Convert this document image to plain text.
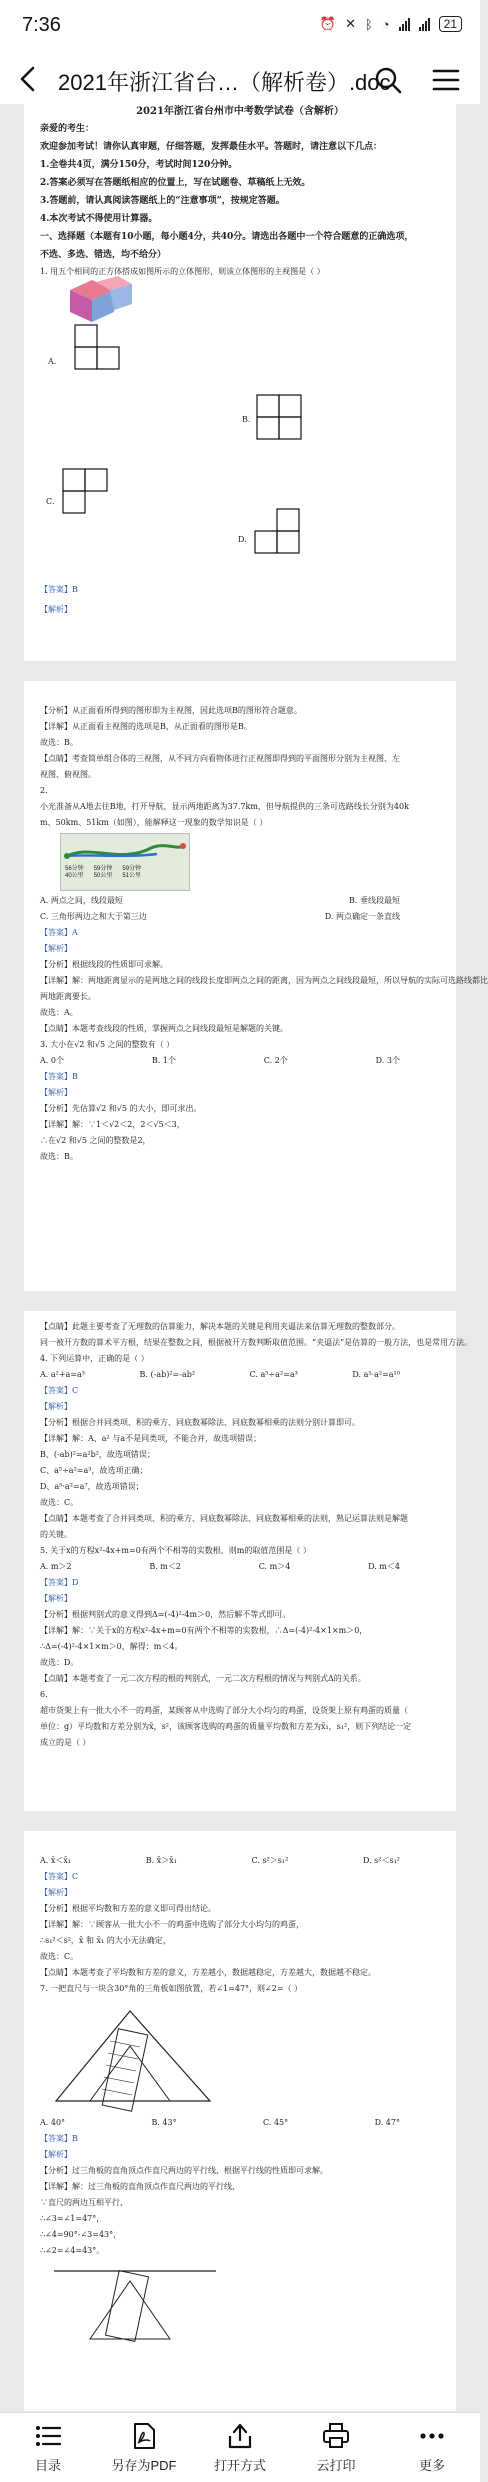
7:36	⏰ ✕ ᛒ ◔	21
2021年浙江省台…（解析卷）.doc
2021年浙江省台州市中考数学试卷（含解析）
亲爱的考生：
欢迎参加考试！请你认真审题，仔细答题，发挥最佳水平。答题时，请注意以下几点：
1.全卷共4页，满分150分，考试时间120分钟。
2.答案必须写在答题纸相应的位置上，写在试题卷、草稿纸上无效。
3.答题前，请认真阅读答题纸上的“注意事项”，按规定答题。
4.本次考试不得使用计算器。
一、选择题（本题有10小题，每小题4分，共40分。请选出各题中一个符合题意的正确选项，
不选、多选、错选，均不给分）
1. 用五个相同的正方体搭成如图所示的立体图形，则该立体图形的主视图是（ ）
A.
B.
C.
D.
【答案】B
【解析】
【分析】从正面看所得到的图形即为主视图，因此选项B的图形符合题意。
【详解】从正面看主视图的选项是B，从正面看的图形是B。
故选：B。
【点睛】考查简单组合体的三视图，从不同方向看物体进行正视图即得到的平面图形分别为主视图、左
视图、俯视图。
2.
小光准备从A地去往B地，打开导航，显示两地距离为37.7km，但导航提供的三条可选路线长分别为40k
m、50km、51km（如图），能解释这一现象的数学知识是（ ）
56分钟
40公里
59分钟
50公里
59分钟
51公里
A. 两点之间，线段最短	B. 垂线段最短
C. 三角形两边之和大于第三边	D. 两点确定一条直线
【答案】A
【解析】
【分析】根据线段的性质即可求解。
【详解】解：两地距离显示的是两地之间的线段长度即两点之间的距离，因为两点之间线段最短，所以导航的实际可选路线都比
两地距离要长。
故选：A。
【点睛】本题考查线段的性质，掌握两点之间线段最短是解题的关键。
3. 大小在√2 和√5 之间的整数有（ ）
A. 0个	B. 1个	C. 2个	D. 3个
【答案】B
【解析】
【分析】先估算√2 和√5 的大小，即可求出。
【详解】解：∵1＜√2＜2，2＜√5＜3，
∴在√2 和√5 之间的整数是2，
故选：B。
【点睛】此题主要考查了无理数的估算能力，解决本题的关键是利用夹逼法来估算无理数的整数部分。
同一被开方数的算术平方根，结果在整数之间，根据被开方数判断取值范围。“夹逼法”是估算的一般方法，也是常用方法。
4. 下列运算中，正确的是（ ）
A. a²+a=a³	B. (-ab)²=-ab²	C. a⁵÷a²=a³	D. a⁵·a²=a¹⁰
【答案】C
【解析】
【分析】根据合并同类项、积的乘方、同底数幂除法、同底数幂相乘的法则分别计算即可。
【详解】解：A、a² 与a不是同类项，不能合并，故选项错误；
B、(-ab)²=a²b²，故选项错误；
C、a⁵÷a²=a³，故选项正确；
D、a⁵·a²=a⁷，故选项错误；
故选：C。
【点睛】本题考查了合并同类项、积的乘方、同底数幂除法、同底数幂相乘的法则，熟记运算法则是解题
的关键。
5. 关于x的方程x²-4x+m=0有两个不相等的实数根，则m的取值范围是（ ）
A. m＞2	B. m＜2	C. m＞4	D. m＜4
【答案】D
【解析】
【分析】根据判别式的意义得到Δ=(-4)²-4m＞0，然后解不等式即可。
【详解】解：∵关于x的方程x²-4x+m=0有两个不相等的实数根，∴Δ=(-4)²-4×1×m＞0，
∴Δ=(-4)²-4×1×m＞0，解得：m＜4。
故选：D。
【点睛】本题考查了一元二次方程的根的判别式，一元二次方程根的情况与判别式Δ的关系。
6.
超市货架上有一批大小不一的鸡蛋，某顾客从中选购了部分大小均匀的鸡蛋，设货架上原有鸡蛋的质量（
单位：g）平均数和方差分别为x̄，s²，该顾客选购的鸡蛋的质量平均数和方差为x̄₁，s₁²，则下列结论一定
成立的是（ ）
A. x̄＜x̄₁	B. x̄＞x̄₁	C. s²＞s₁²	D. s²＜s₁²
【答案】C
【解析】
【分析】根据平均数和方差的意义即可得出结论。
【详解】解：∵顾客从一批大小不一的鸡蛋中选购了部分大小均匀的鸡蛋，
∴s₁²＜s²，x̄ 和 x̄₁ 的大小无法确定，
故选：C。
【点睛】本题考查了平均数和方差的意义，方差越小，数据越稳定，方差越大，数据越不稳定。
7. 一把直尺与一块含30°角的三角板如图放置，若∠1=47°，则∠2=（ ）
A. 40°	B. 43°	C. 45°	D. 47°
【答案】B
【解析】
【分析】过三角板的直角顶点作直尺两边的平行线，根据平行线的性质即可求解。
【详解】解：过三角板的直角顶点作直尺两边的平行线，
∵直尺的两边互相平行，
∴∠3=∠1=47°，
∴∠4=90°-∠3=43°，
∴∠2=∠4=43°。
目录	另存为PDF	打开方式	云打印	更多
